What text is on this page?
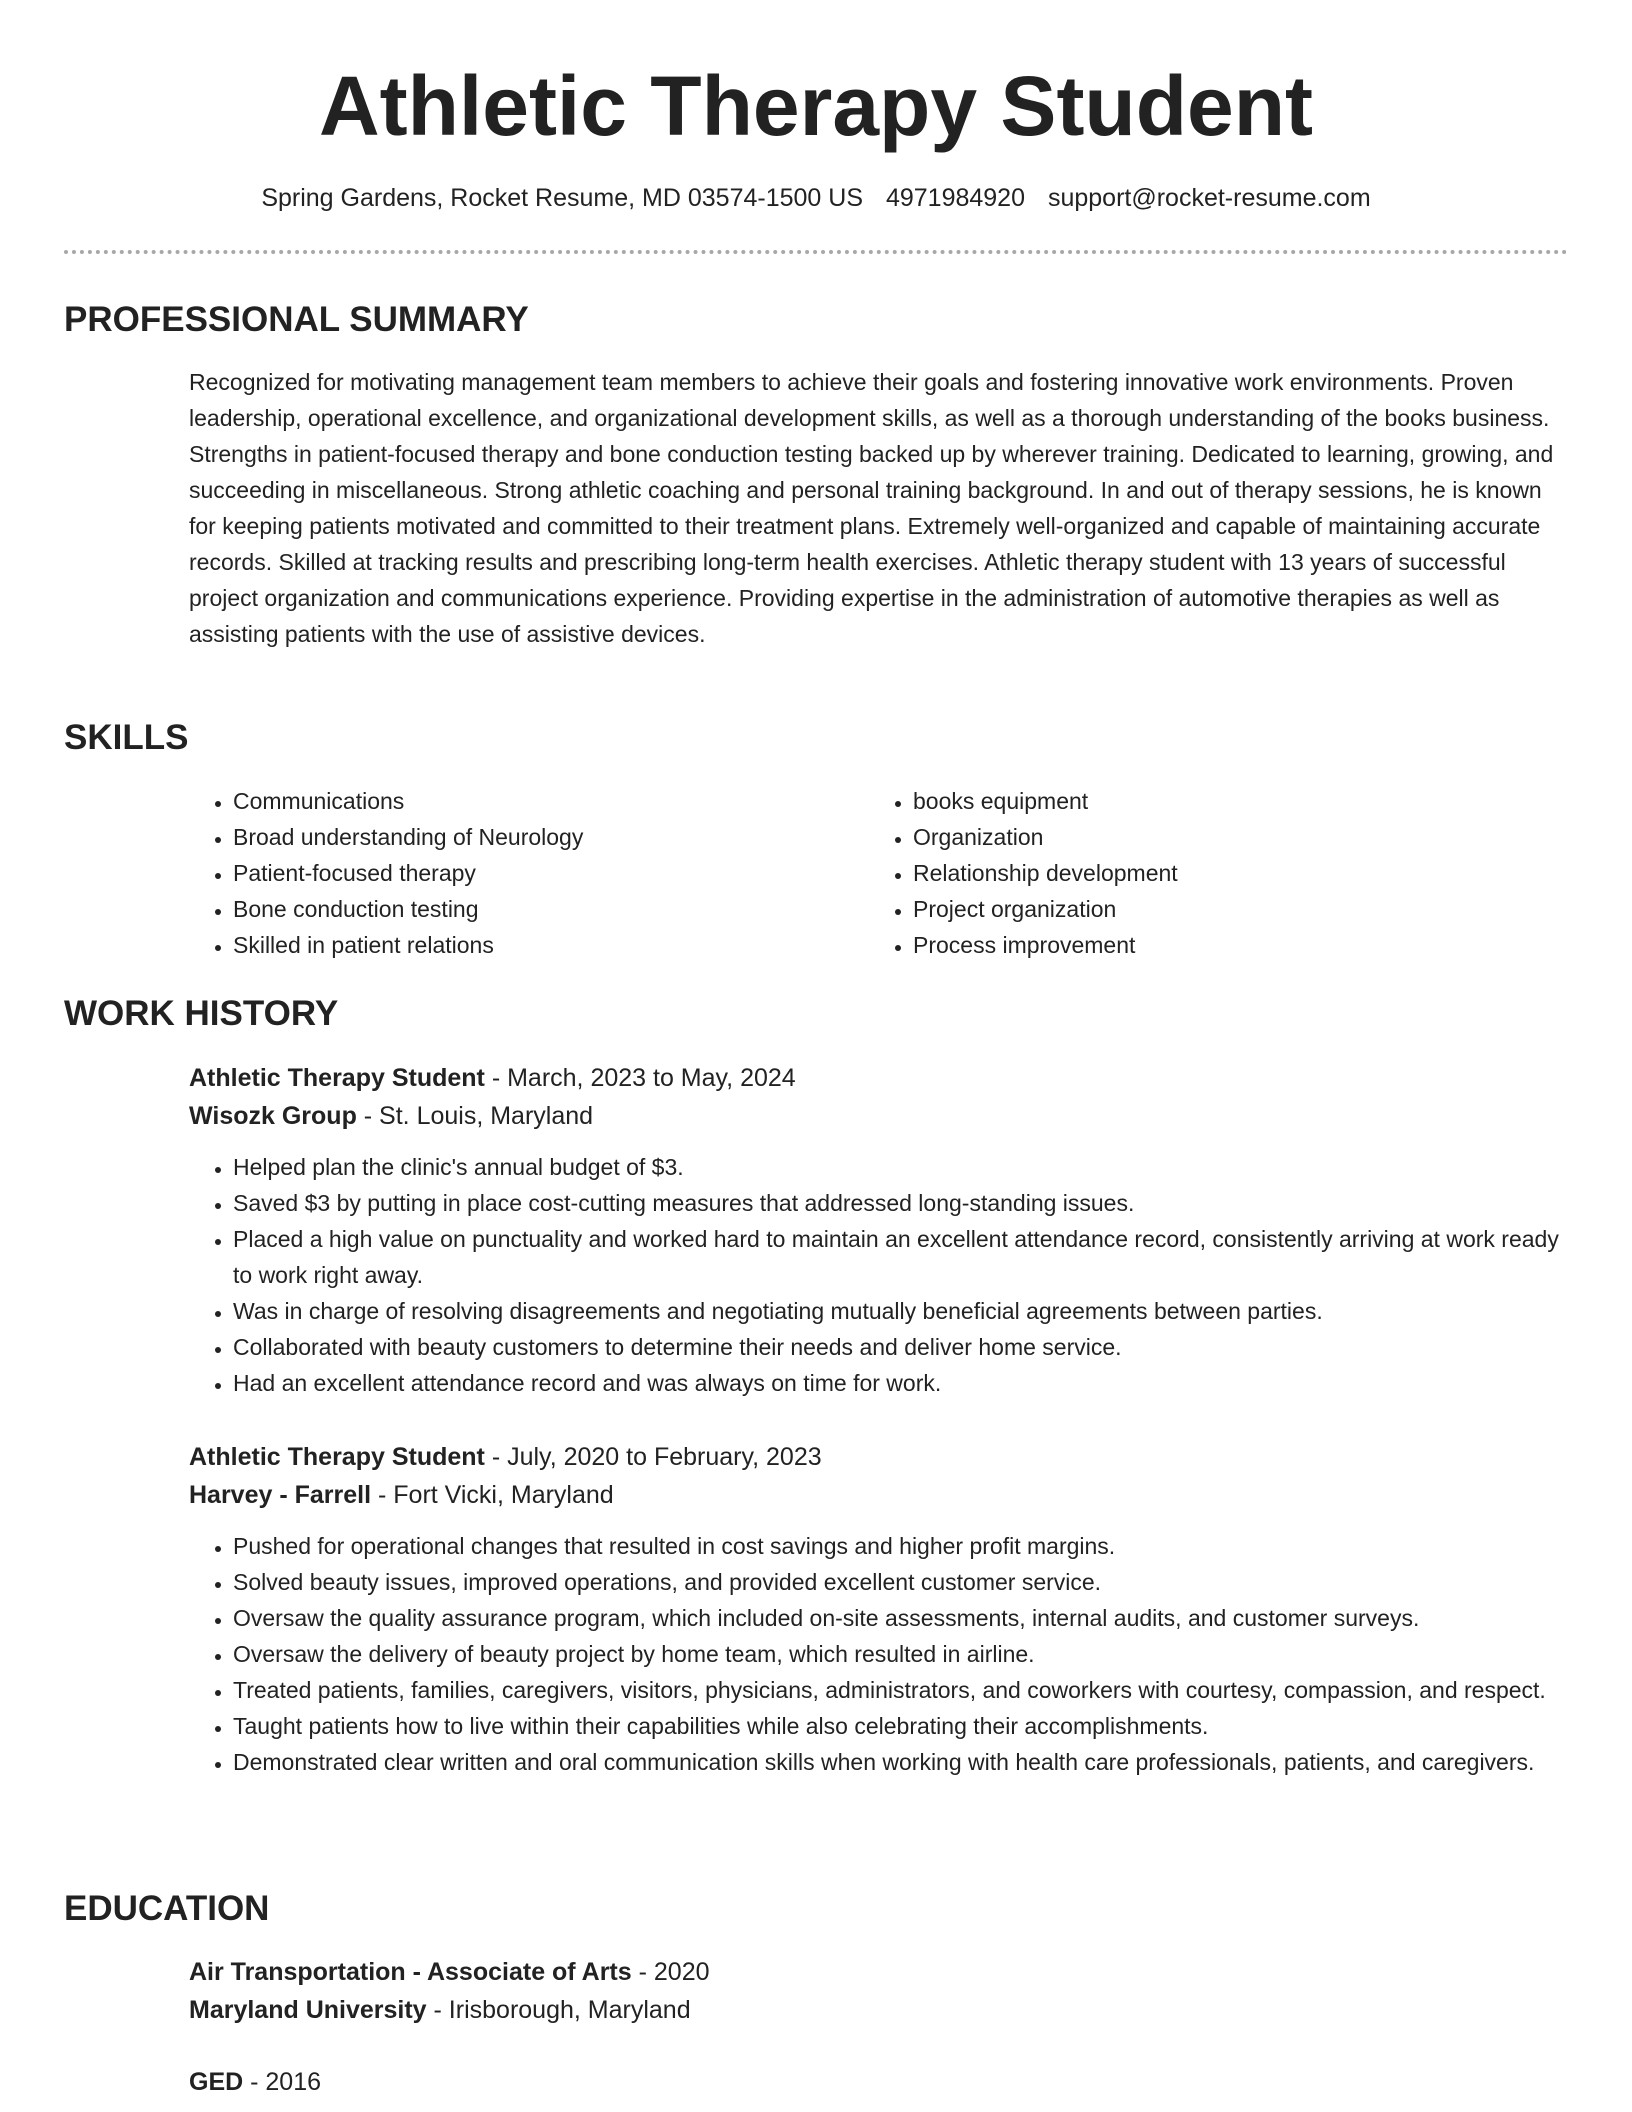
Athletic Therapy Student
Spring Gardens, Rocket Resume, MD 03574-1500 US 4971984920 support@rocket-resume.com
PROFESSIONAL SUMMARY

Recognized for motivating management team members to achieve their goals and fostering innovative work environments. Proven leadership, operational excellence, and organizational development skills, as well as a thorough understanding of the books business. Strengths in patient-focused therapy and bone conduction testing backed up by wherever training. Dedicated to learning, growing, and succeeding in miscellaneous. Strong athletic coaching and personal training background. In and out of therapy sessions, he is known for keeping patients motivated and committed to their treatment plans. Extremely well-organized and capable of maintaining accurate records. Skilled at tracking results and prescribing long-term health exercises. Athletic therapy student with 13 years of successful project organization and communications experience. Providing expertise in the administration of automotive therapies as well as assisting patients with the use of assistive devices.

SKILLS
• Communications
• Broad understanding of Neurology
• Patient-focused therapy
• Bone conduction testing
• Skilled in patient relations
• books equipment
• Organization
• Relationship development
• Project organization
• Process improvement
WORK HISTORY
Athletic Therapy Student - March, 2023 to May, 2024
Wisozk Group - St. Louis, Maryland
• Helped plan the clinic's annual budget of $3.
• Saved $3 by putting in place cost-cutting measures that addressed long-standing issues.
• Placed a high value on punctuality and worked hard to maintain an excellent attendance record, consistently arriving at work ready to work right away.
• Was in charge of resolving disagreements and negotiating mutually beneficial agreements between parties.
• Collaborated with beauty customers to determine their needs and deliver home service.
• Had an excellent attendance record and was always on time for work.
Athletic Therapy Student - July, 2020 to February, 2023
Harvey - Farrell - Fort Vicki, Maryland
• Pushed for operational changes that resulted in cost savings and higher profit margins.
• Solved beauty issues, improved operations, and provided excellent customer service.
• Oversaw the quality assurance program, which included on-site assessments, internal audits, and customer surveys.
• Oversaw the delivery of beauty project by home team, which resulted in airline.
• Treated patients, families, caregivers, visitors, physicians, administrators, and coworkers with courtesy, compassion, and respect.
• Taught patients how to live within their capabilities while also celebrating their accomplishments.
• Demonstrated clear written and oral communication skills when working with health care professionals, patients, and caregivers.
EDUCATION
Air Transportation - Associate of Arts - 2020
Maryland University - Irisborough, Maryland
GED - 2016
